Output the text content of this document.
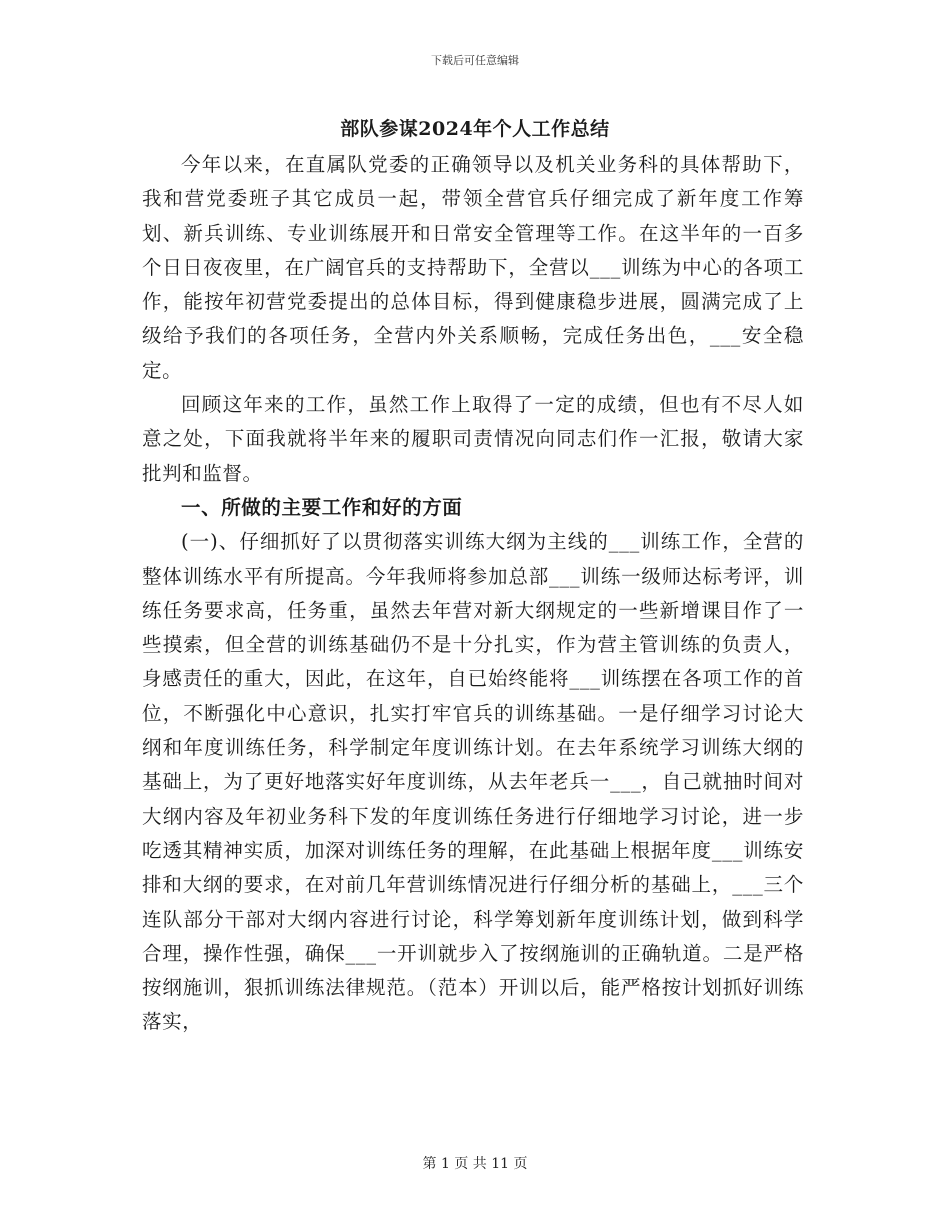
下载后可任意编辑
部队参谋2024年个人工作总结

今年以来，在直属队党委的正确领导以及机关业务科的具体帮助下，我和营党委班子其它成员一起，带领全营官兵仔细完成了新年度工作筹划、新兵训练、专业训练展开和日常安全管理等工作。在这半年的一百多个日日夜夜里，在广阔官兵的支持帮助下，全营以___训练为中心的各项工作，能按年初营党委提出的总体目标，得到健康稳步进展，圆满完成了上级给予我们的各项任务，全营内外关系顺畅，完成任务出色，___安全稳定。

回顾这年来的工作，虽然工作上取得了一定的成绩，但也有不尽人如意之处，下面我就将半年来的履职司责情况向同志们作一汇报，敬请大家批判和监督。

一、所做的主要工作和好的方面

(一)、仔细抓好了以贯彻落实训练大纲为主线的___训练工作，全营的整体训练水平有所提高。今年我师将参加总部___训练一级师达标考评，训练任务要求高，任务重，虽然去年营对新大纲规定的一些新增课目作了一些摸索，但全营的训练基础仍不是十分扎实，作为营主管训练的负责人，身感责任的重大，因此，在这年，自已始终能将___训练摆在各项工作的首位，不断强化中心意识，扎实打牢官兵的训练基础。一是仔细学习讨论大纲和年度训练任务，科学制定年度训练计划。在去年系统学习训练大纲的基础上，为了更好地落实好年度训练，从去年老兵一___，自己就抽时间对大纲内容及年初业务科下发的年度训练任务进行仔细地学习讨论，进一步吃透其精神实质，加深对训练任务的理解，在此基础上根据年度___训练安排和大纲的要求，在对前几年营训练情况进行仔细分析的基础上，___三个连队部分干部对大纲内容进行讨论，科学筹划新年度训练计划，做到科学合理，操作性强，确保___一开训就步入了按纲施训的正确轨道。二是严格按纲施训，狠抓训练法律规范。（范本）开训以后，能严格按计划抓好训练落实，

第 1 页 共 11 页
